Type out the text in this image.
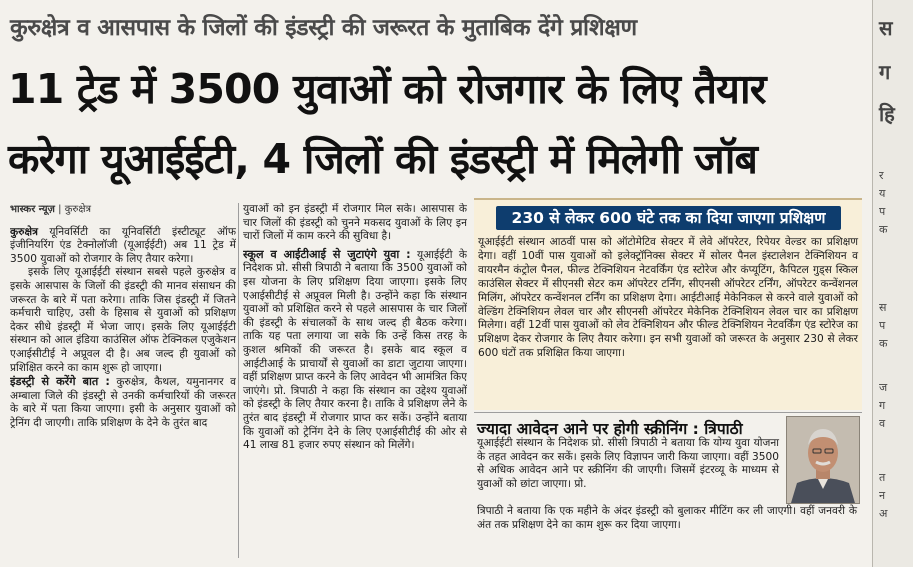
कुरुक्षेत्र व आसपास के जिलों की इंडस्ट्री की जरूरत के मुताबिक देंगे प्रशिक्षण
11 ट्रेड में 3500 युवाओं को रोजगार के लिए तैयार
करेगा यूआईईटी, 4 जिलों की इंडस्ट्री में मिलेगी जॉब
भास्कर न्यूज़ | कुरुक्षेत्र

कुरुक्षेत्र यूनिवर्सिटी का यूनिवर्सिटी इंस्टीट्यूट ऑफ इंजीनियरिंग एंड टेक्नोलॉजी (यूआईईटी) अब 11 ट्रेड में 3500 युवाओं को रोजगार के लिए तैयार करेगा।

इसके लिए यूआईईटी संस्थान सबसे पहले कुरुक्षेत्र व इसके आसपास के जिलों की इंडस्ट्री की मानव संसाधन की जरूरत के बारे में पता करेगा। ताकि जिस इंडस्ट्री में जितने कर्मचारी चाहिए, उसी के हिसाब से युवाओं को प्रशिक्षण देकर सीधे इंडस्ट्री में भेजा जाए। इसके लिए यूआईईटी संस्थान को आल इंडिया काउंसिल ऑफ टेक्निकल एजुकेशन एआईसीटीई ने अप्रूवल दी है। अब जल्द ही युवाओं को प्रशिक्षित करने का काम शुरू हो जाएगा।

इंडस्ट्री से करेंगे बात : कुरुक्षेत्र, कैथल, यमुनानगर व अम्बाला जिले की इंडस्ट्री से उनकी कर्मचारियों की जरूरत के बारे में पता किया जाएगा। इसी के अनुसार युवाओं को ट्रेनिंग दी जाएगी। ताकि प्रशिक्षण के देने के तुरंत बाद

युवाओं को इन इंडस्ट्री में रोजगार मिल सके। आसपास के चार जिलों की इंडस्ट्री को चुनने मकसद युवाओं के लिए इन चारों जिलों में काम करने की सुविधा है।

स्कूल व आईटीआई से जुटाएंगे युवा : यूआईईटी के निदेशक प्रो. सीसी त्रिपाठी ने बताया कि 3500 युवाओं को इस योजना के लिए प्रशिक्षण दिया जाएगा। इसके लिए एआईसीटीई से अप्रूवल मिली है। उन्होंने कहा कि संस्थान युवाओं को प्रशिक्षित करने से पहले आसपास के चार जिलों की इंडस्ट्री के संचालकों के साथ जल्द ही बैठक करेगा। ताकि यह पता लगाया जा सके कि उन्हें किस तरह के कुशल श्रमिकों की जरूरत है। इसके बाद स्कूल व आईटीआई के प्राचार्यों से युवाओं का डाटा जुटाया जाएगा। वहीं प्रशिक्षण प्राप्त करने के लिए आवेदन भी आमंत्रित किए जाएंगे। प्रो. त्रिपाठी ने कहा कि संस्थान का उद्देश्य युवाओं को इंडस्ट्री के लिए तैयार करना है। ताकि वे प्रशिक्षण लेने के तुरंत बाद इंडस्ट्री में रोजगार प्राप्त कर सकें। उन्होंने बताया कि युवाओं को ट्रेनिंग देने के लिए एआईसीटीई की ओर से 41 लाख 81 हजार रुपए संस्थान को मिलेंगे।

230 से लेकर 600 घंटे तक का दिया जाएगा प्रशिक्षण
यूआईईटी संस्थान आठवीं पास को ऑटोमेटिव सेक्टर में लेवे ऑपरेटर, रिपेयर वेल्डर का प्रशिक्षण देगा। वहीं 10वीं पास युवाओं को इलेक्ट्रॉनिक्स सेक्टर में सोलर पैनल इंस्टालेशन टेक्निशियन व वायरमैन कंट्रोल पैनल, फील्ड टेक्निशियन नेटवर्किंग एंड स्टोरेज और कंप्यूटिंग, कैपिटल गुड्स स्किल काउंसिल सेक्टर में सीएनसी सेटर कम ऑपरेटर टर्निंग, सीएनसी ऑपरेटर टर्निंग, ऑपरेटर कन्वेंशनल मिलिंग, ऑपरेटर कन्वेंशनल टर्निंग का प्रशिक्षण देगा। आईटीआई मेकेनिकल से करने वाले युवाओं को वेल्डिंग टेक्निशियन लेवल चार और सीएनसी ऑपरेटर मेकेनिक टेक्निशियन लेवल चार का प्रशिक्षण मिलेगा। वहीं 12वीं पास युवाओं को लेव टेक्निशियन और फील्ड टेक्निशियन नेटवर्किंग एंड स्टोरेज का प्रशिक्षण देकर रोजगार के लिए तैयार करेगा। इन सभी युवाओं को जरूरत के अनुसार 230 से लेकर 600 घंटों तक प्रशिक्षित किया जाएगा।
ज्यादा आवेदन आने पर होगी स्क्रीनिंग : त्रिपाठी
यूआईईटी संस्थान के निदेशक प्रो. सीसी त्रिपाठी ने बताया कि योग्य युवा योजना के तहत आवेदन कर सकें। इसके लिए विज्ञापन जारी किया जाएगा। वहीं 3500 से अधिक आवेदन आने पर स्क्रीनिंग की जाएगी। जिसमें इंटरव्यू के माध्यम से युवाओं को छांटा जाएगा। प्रो.
त्रिपाठी ने बताया कि एक महीने के अंदर इंडस्ट्री को बुलाकर मीटिंग कर ली जाएगी। वहीं जनवरी के अंत तक प्रशिक्षण देने का काम शुरू कर दिया जाएगा।
स
ग
हि
र
य
प
क
स
प
क
ज
ग
व
त
न
अ
